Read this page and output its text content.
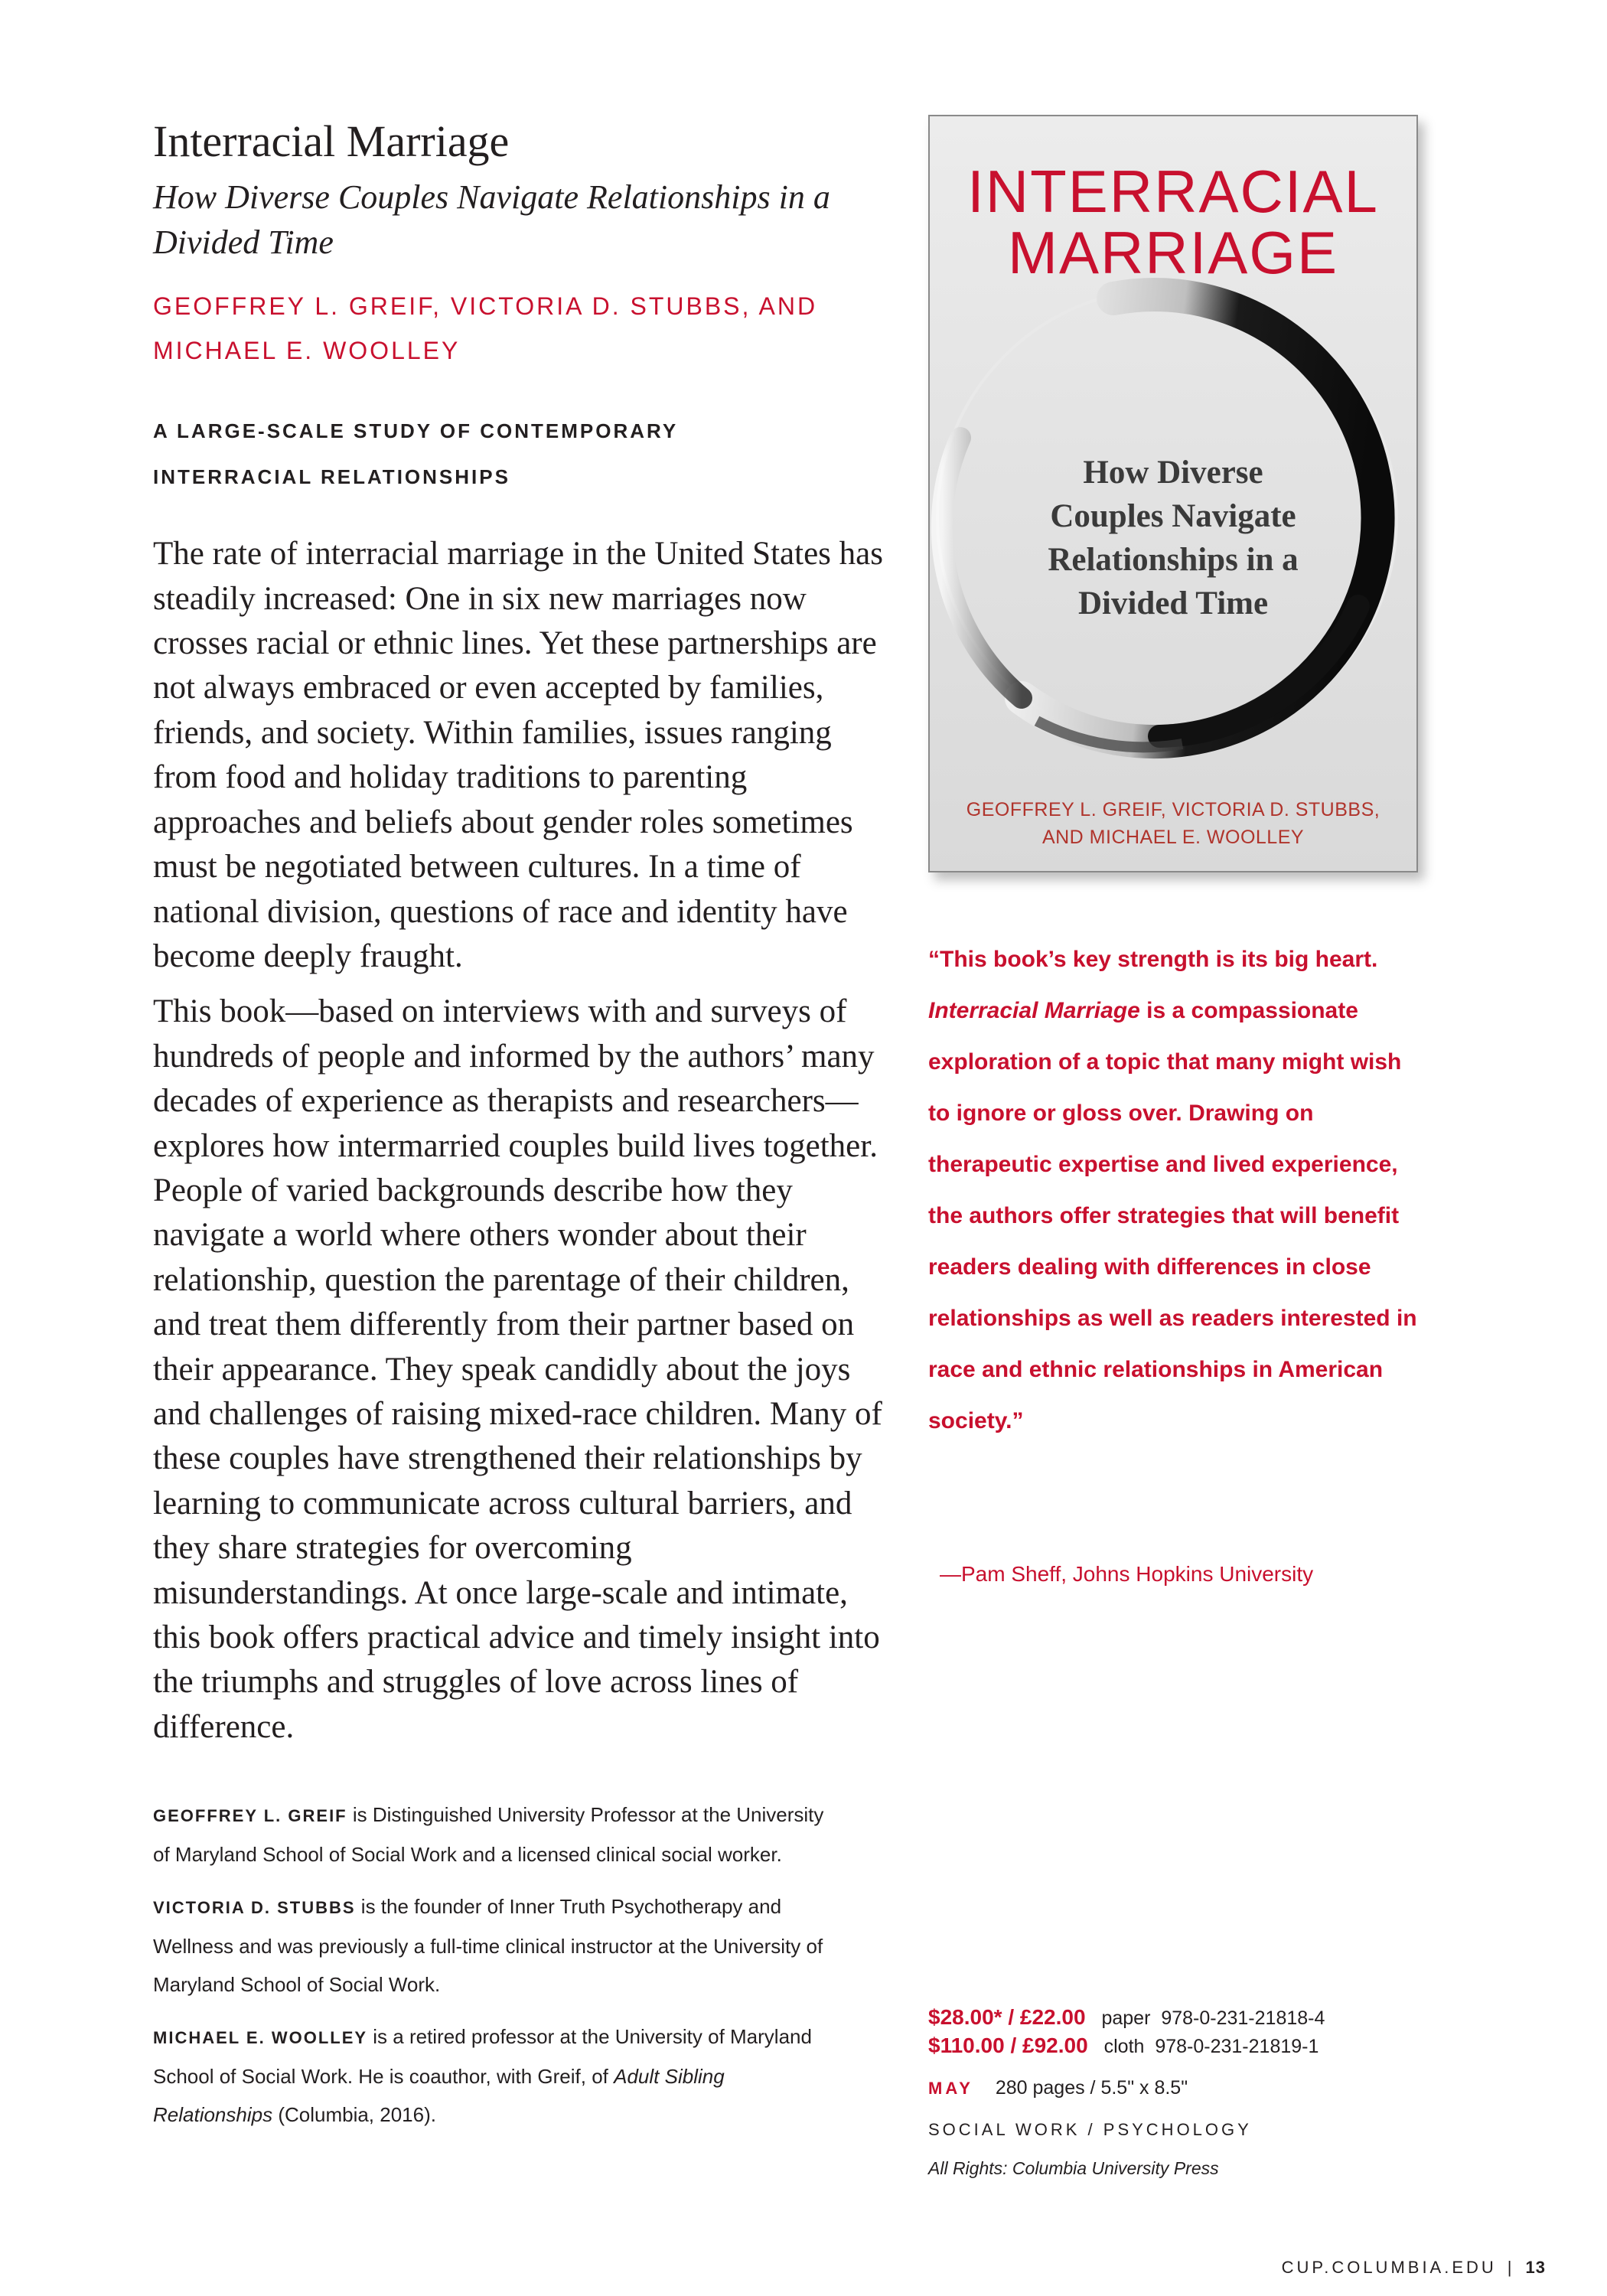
Interracial Marriage
How Diverse Couples Navigate Relationships in a Divided Time
GEOFFREY L. GREIF, VICTORIA D. STUBBS, AND
MICHAEL E. WOOLLEY
A LARGE-SCALE STUDY OF CONTEMPORARY
INTERRACIAL RELATIONSHIPS

The rate of interracial marriage in the United States has steadily increased: One in six new marriages now crosses racial or ethnic lines. Yet these partnerships are not always embraced or even accepted by families, friends, and society. Within families, issues ranging from food and holiday traditions to parenting approaches and beliefs about gender roles sometimes must be negotiated between cultures. In a time of national division, questions of race and identity have become deeply fraught.

This book—based on interviews with and surveys of hundreds of people and informed by the authors’ many decades of experience as therapists and researchers—explores how intermarried couples build lives together. People of varied backgrounds describe how they navigate a world where others wonder about their relationship, question the parentage of their children, and treat them differently from their partner based on their appearance. They speak candidly about the joys and challenges of raising mixed-race children. Many of these couples have strengthened their relationships by learning to communicate across cultural barriers, and they share strategies for overcoming misunderstandings. At once large-scale and intimate, this book offers practical advice and timely insight into the triumphs and struggles of love across lines of difference.

GEOFFREY L. GREIF is Distinguished University Professor at the University of Maryland School of Social Work and a licensed clinical social worker.

VICTORIA D. STUBBS is the founder of Inner Truth Psychotherapy and Wellness and was previously a full-time clinical instructor at the University of Maryland School of Social Work.

MICHAEL E. WOOLLEY is a retired professor at the University of Maryland School of Social Work. He is coauthor, with Greif, of Adult Sibling Relationships (Columbia, 2016).

INTERRACIAL
MARRIAGE
How Diverse
Couples Navigate
Relationships in a
Divided Time
GEOFFREY L. GREIF, VICTORIA D. STUBBS,
AND MICHAEL E. WOOLLEY
“This book’s key strength is its big heart. Interracial Marriage is a compassionate exploration of a topic that many might wish to ignore or gloss over. Drawing on therapeutic expertise and lived experience, the authors offer strategies that will benefit readers dealing with differences in close relationships as well as readers interested in race and ethnic relationships in American society.”
—Pam Sheff, Johns Hopkins University
$28.00* / £22.00 paper 978-0-231-21818-4
$110.00 / £92.00 cloth 978-0-231-21819-1
MAY 280 pages / 5.5" x 8.5"
SOCIAL WORK / PSYCHOLOGY
All Rights: Columbia University Press
CUP.COLUMBIA.EDU | 13
